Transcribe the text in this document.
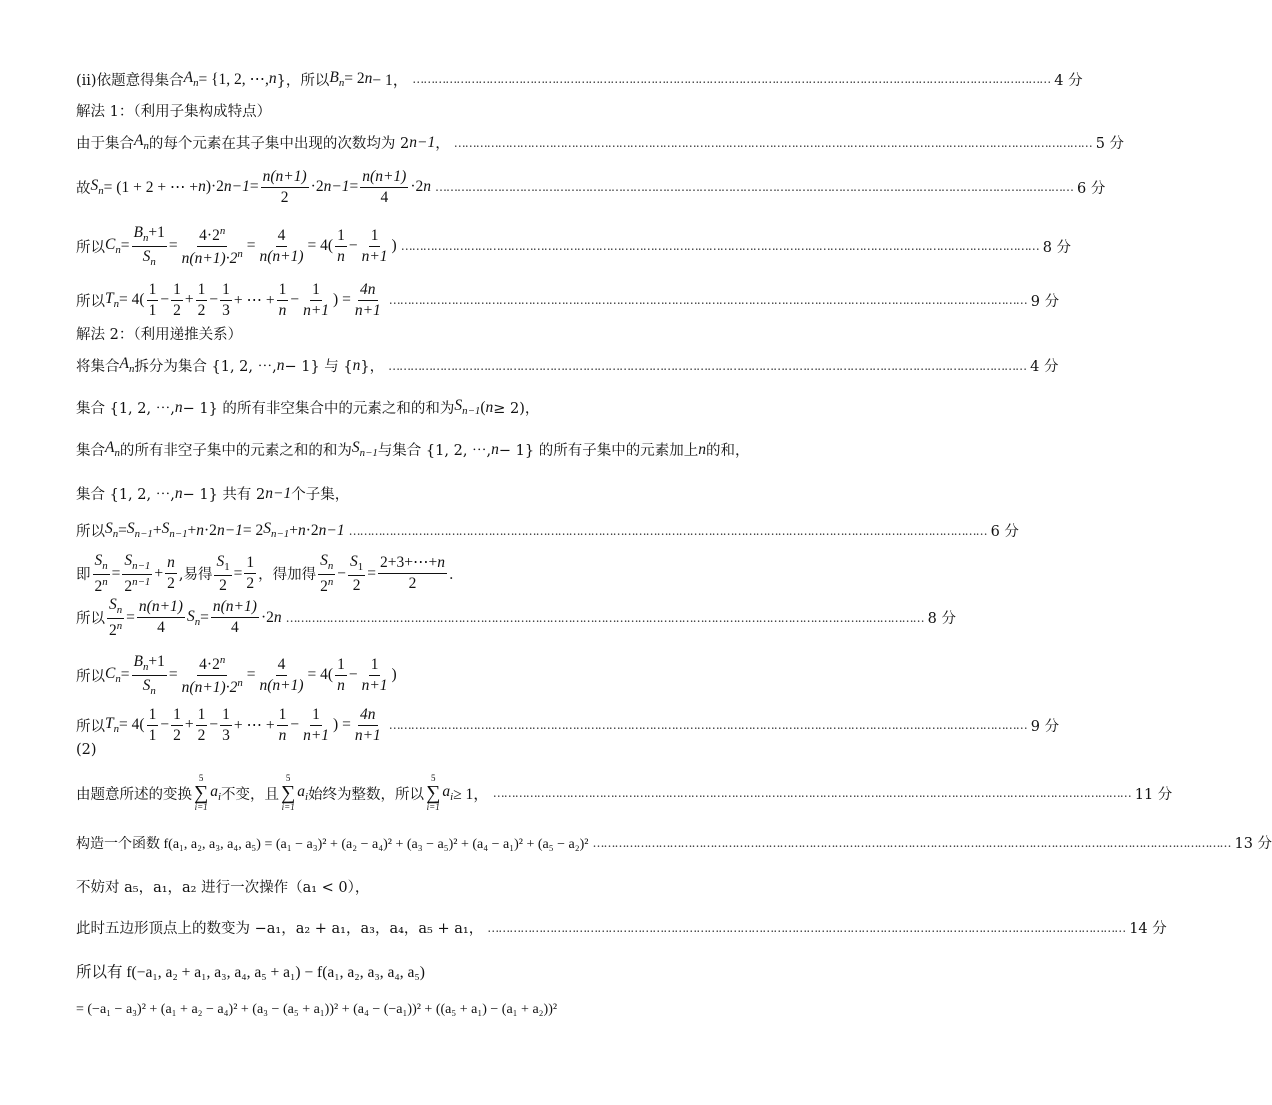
(ii)依题意得集合 $A_n = \{1$, 2, ⋯, n }，所以 $B_n = 2$ n − 1， ………………………………………………………………………………………………………………………………………………………… 4 分
解法 1：（利用子集构成特点）
由于集合 $A_n$ 的每个元素在其子集中出现的次数均为 2 n−1 ， ………………………………………………………………………………………………………………………………………………………… 5 分
故 $S_n = (1 + 2$ + ⋯ + n )·2 $n-1 = \frac{n(n+1)}{2} \cdot 2$ $n-1 = \frac{n(n+1)}{4} \cdot 2$ n ………………………………………………………………………………………………………………………………………………………… 6 分
所以 $C_n = \frac{B_n+1}{S_n} = \frac{4\cdot 2^n}{n(n+1)\cdot 2^n} = \frac{4}{n(n+1)} = 4( \frac{1}{n} - \frac{1}{n+1}$ ) ………………………………………………………………………………………………………………………………………………………… 8 分
所以 $T_n = 4( \frac{1}{1} - \frac{1}{2} + \frac{1}{2} - \frac{1}{3}$ + ⋯ + $\frac{1}{n} - \frac{1}{n+1}$ ) = $\frac{4n}{n+1}$ ………………………………………………………………………………………………………………………………………………………… 9 分
解法 2：（利用递推关系）
将集合 $A_n$ 拆分为集合 {1, 2, ⋯, n − 1} 与 { n }， ………………………………………………………………………………………………………………………………………………………… 4 分
集合 {1, 2, ⋯, n − 1} 的所有非空集合中的元素之和的和为 $S_{n-1}$ ( n ≥ 2)，
集合 $A_n$ 的所有非空子集中的元素之和的和为 $S_{n-1}$ 与集合 {1, 2, ⋯, n − 1} 的所有子集中的元素加上 n 的和，
集合 {1, 2, ⋯, n − 1} 共有 2 n−1 个子集，
所以 $S_n = S_{n-1} + S_{n-1} + n \cdot 2$ n−1 = 2 $S_{n-1} + n \cdot 2$ n−1 ………………………………………………………………………………………………………………………………………………………… 6 分
即 $\frac{S_n}{2^n} = \frac{S_{n-1}}{2^{n-1}} + \frac{n}{2}$ ,易得 $\frac{S_1}{2} = \frac{1}{2}$ ，得加得 $\frac{S_n}{2^n} - \frac{S_1}{2} = \frac{2+3+\cdots+n}{2}$ ．
所以 $\frac{S_n}{2^n} = \frac{n(n+1)}{4} S_n = \frac{n(n+1)}{4} \cdot 2$ n ………………………………………………………………………………………………………………………………………………………… 8 分
所以 $C_n = \frac{B_n+1}{S_n} = \frac{4\cdot 2^n}{n(n+1)\cdot 2^n} = \frac{4}{n(n+1)} = 4( \frac{1}{n} - \frac{1}{n+1}$ )
所以 $T_n = 4( \frac{1}{1} - \frac{1}{2} + \frac{1}{2} - \frac{1}{3}$ + ⋯ + $\frac{1}{n} - \frac{1}{n+1}$ ) = $\frac{4n}{n+1}$ ………………………………………………………………………………………………………………………………………………………… 9 分
(2)
由题意所述的变换
5
∑
i=1
$a_i$ 不变，且
5
∑
i=1
$a_i$ 始终为整数，所以
5
∑
i=1
$a_i \ge 1$， ………………………………………………………………………………………………………………………………………………………… 11 分
构造一个函数 f(a₁, a₂, a₃, a₄, a₅) = (a₁ − a₃)² + (a₂ − a₄)² + (a₃ − a₅)² + (a₄ − a₁)² + (a₅ − a₂)² ………………………………………………………………………………………………………………………………………………………… 13 分
不妨对 a₅，a₁，a₂ 进行一次操作（a₁ < 0），
此时五边形顶点上的数变为 −a₁，a₂ + a₁，a₃，a₄，a₅ + a₁， ………………………………………………………………………………………………………………………………………………………… 14 分
所以有 f(−a₁, a₂ + a₁, a₃, a₄, a₅ + a₁) − f(a₁, a₂, a₃, a₄, a₅)
= (−a₁ − a₃)² + (a₁ + a₂ − a₄)² + (a₃ − (a₅ + a₁))² + (a₄ − (−a₁))² + ((a₅ + a₁) − (a₁ + a₂))²
